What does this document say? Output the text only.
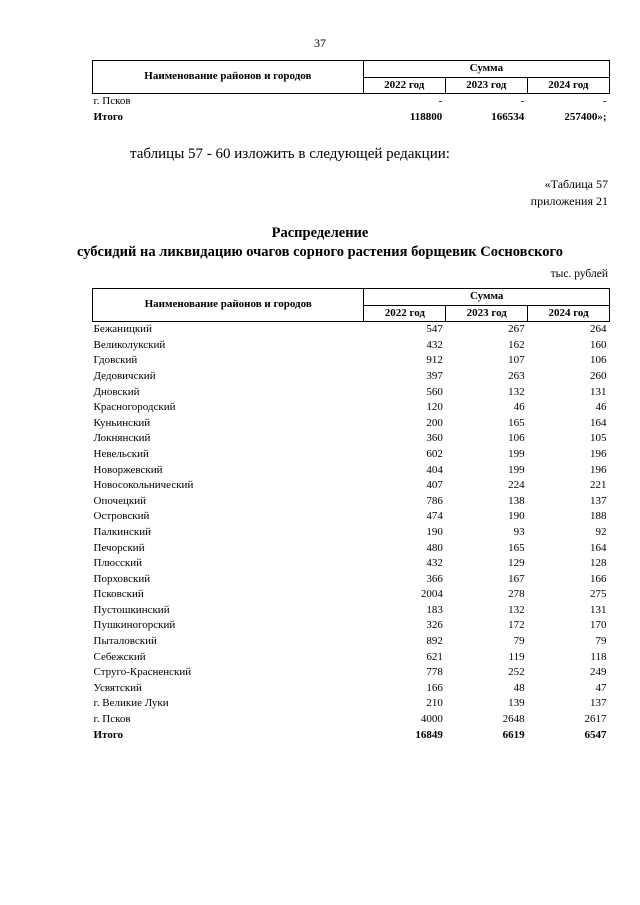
37
Наименование районов и городов	Сумма		
	2022 год	2023 год	2024 год
г. Псков	-	-	-
Итого	118800	166534	257400»;
таблицы 57 - 60 изложить в следующей редакции:
«Таблица 57
приложения 21
Распределение
субсидий на ликвидацию очагов сорного растения борщевик Сосновского
тыс. рублей
Наименование районов и городов	Сумма		
	2022 год	2023 год	2024 год
Бежаницкий	547	267	264
Великолукский	432	162	160
Гдовский	912	107	106
Дедовичский	397	263	260
Дновский	560	132	131
Красногородский	120	46	46
Куньинский	200	165	164
Локнянский	360	106	105
Невельский	602	199	196
Новоржевский	404	199	196
Новосокольнический	407	224	221
Опочецкий	786	138	137
Островский	474	190	188
Палкинский	190	93	92
Печорский	480	165	164
Плюсский	432	129	128
Порховский	366	167	166
Псковский	2004	278	275
Пустошкинский	183	132	131
Пушкиногорский	326	172	170
Пыталовский	892	79	79
Себежский	621	119	118
Струго-Красненский	778	252	249
Усвятский	166	48	47
г. Великие Луки	210	139	137
г. Псков	4000	2648	2617
Итого	16849	6619	6547
